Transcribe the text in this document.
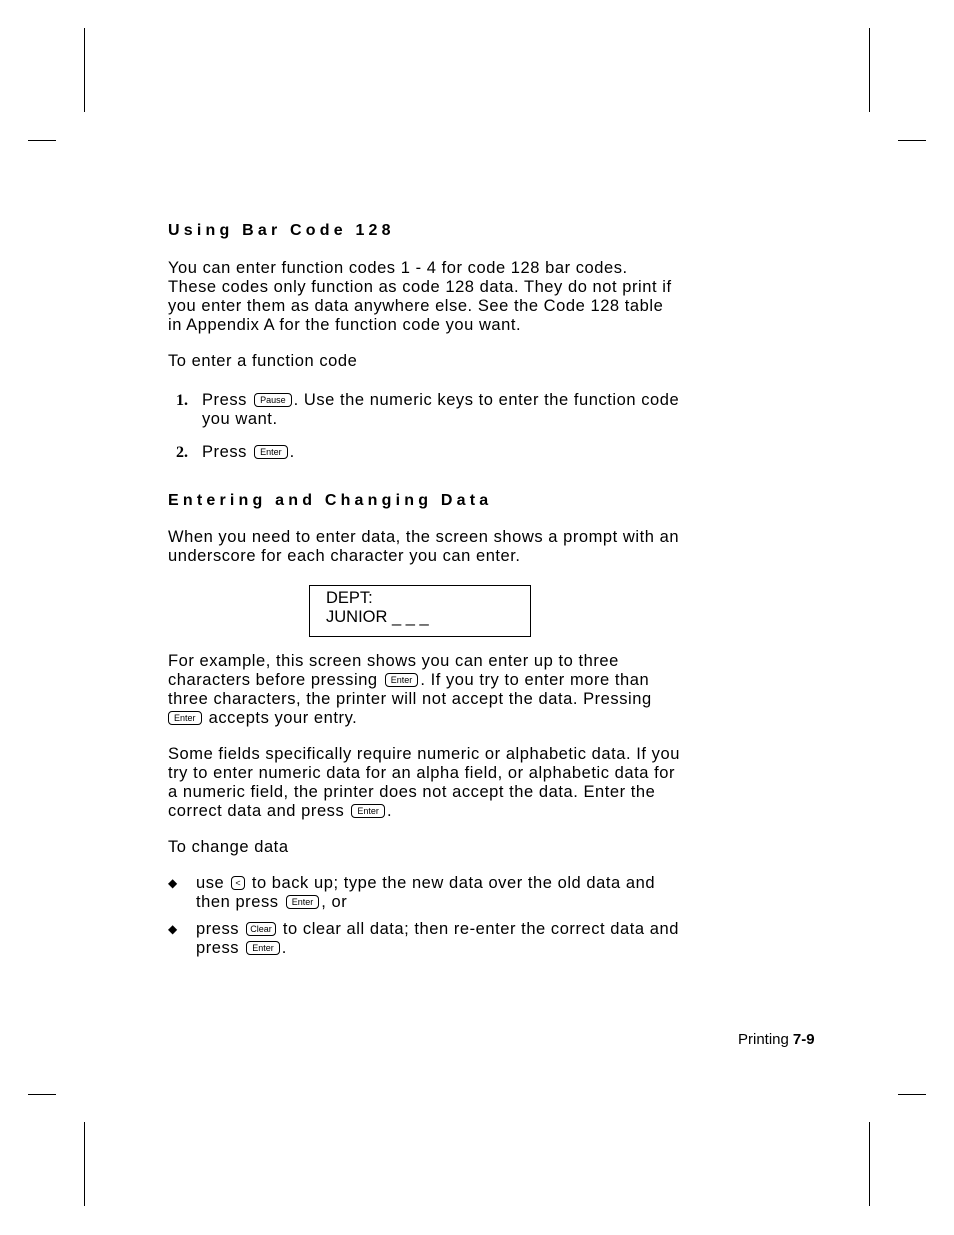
Using Bar Code 128

You can enter function codes 1 - 4 for code 128 bar codes.
These codes only function as code 128 data. They do not print if
you enter them as data anywhere else. See the Code 128 table
in Appendix A for the function code you want.

To enter a function code

1. Press Pause . Use the numeric keys to enter the function code
you want.
2. Press Enter .
Entering and Changing Data

When you need to enter data, the screen shows a prompt with an
underscore for each character you can enter.

DEPT:
JUNIOR _ _ _

For example, this screen shows you can enter up to three
characters before pressing Enter . If you try to enter more than
three characters, the printer will not accept the data. Pressing
Enter accepts your entry.

Some fields specifically require numeric or alphabetic data. If you
try to enter numeric data for an alpha field, or alphabetic data for
a numeric field, the printer does not accept the data. Enter the
correct data and press Enter .

To change data

◆ use < to back up; type the new data over the old data and
then press Enter , or
◆ press Clear to clear all data; then re-enter the correct data and
press Enter .
Printing 7-9
